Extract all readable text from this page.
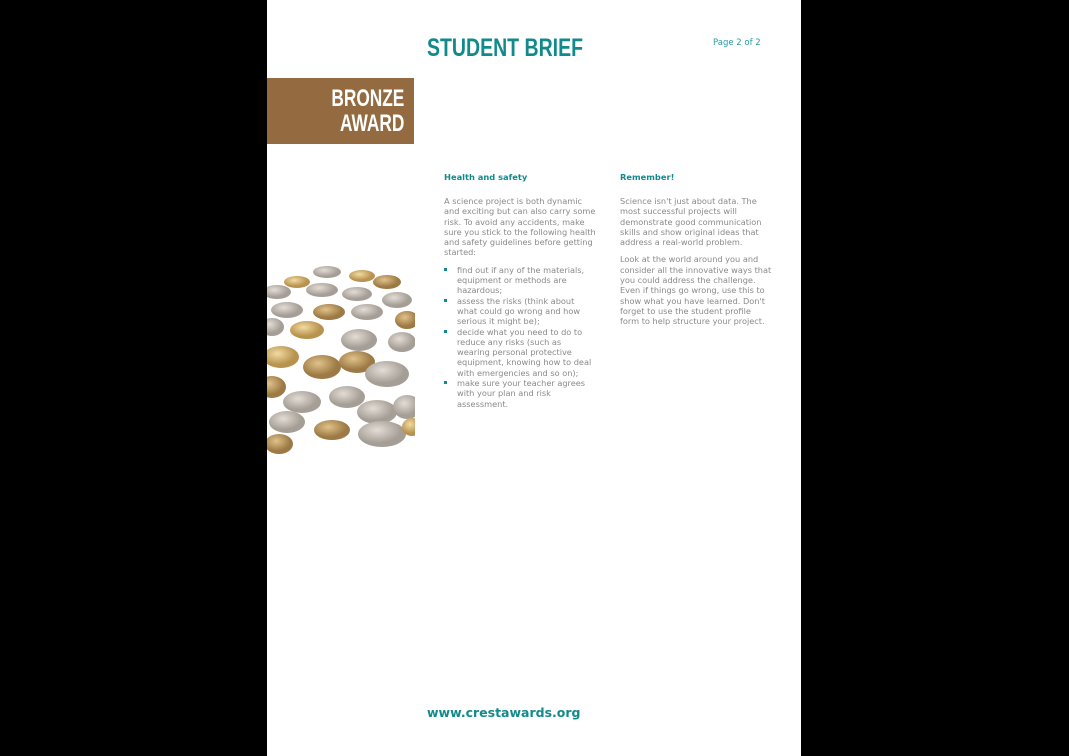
STUDENT BRIEF	Page 2 of 2
BRONZE
AWARD
Health and safety

A science project is both dynamic and exciting but can also carry some risk. To avoid any accidents, make sure you stick to the following health and safety guidelines before getting started:

find out if any of the materials, equipment or methods are hazardous;
assess the risks (think about what could go wrong and how serious it might be);
decide what you need to do to reduce any risks (such as wearing personal protective equipment, knowing how to deal with emergencies and so on);
make sure your teacher agrees with your plan and risk assessment.
Remember!

Science isn't just about data. The most successful projects will demonstrate good communication skills and show original ideas that address a real-world problem.

Look at the world around you and consider all the innovative ways that you could address the challenge. Even if things go wrong, use this to show what you have learned. Don't forget to use the student profile form to help structure your project.

www.crestawards.org
